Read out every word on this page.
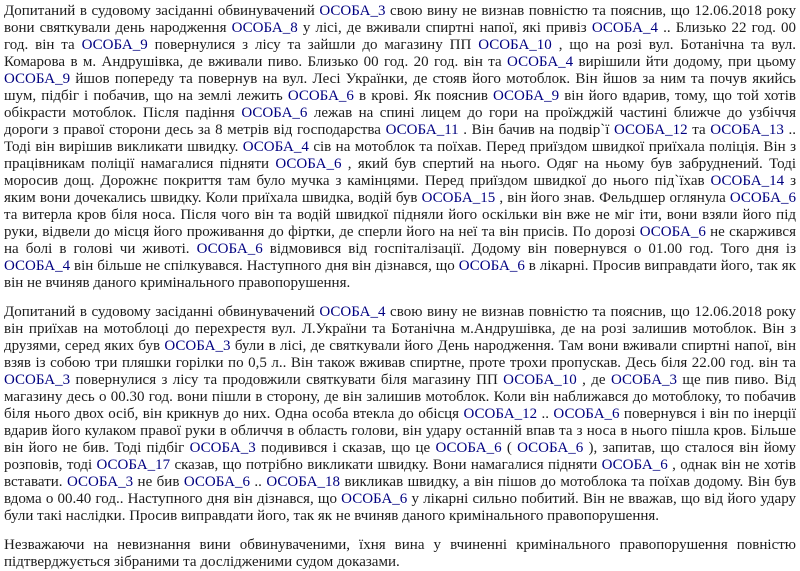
Допитаний в судовому засіданні обвинувачений ОСОБА_3 свою вину не визнав повністю та пояснив, що 12.06.2018 року вони святкували день народження ОСОБА_8 у лісі, де вживали спиртні напої, які привіз ОСОБА_4 .. Близько 22 год. 00 год. він та ОСОБА_9 повернулися з лісу та зайшли до магазину ПП ОСОБА_10 , що на розі вул. Ботанічна та вул. Комарова в м. Андрушівка, де вживали пиво. Близько 00 год. 20 год. він та ОСОБА_4 вирішили йти додому, при цьому ОСОБА_9 йшов попереду та повернув на вул. Лесі Українки, де стояв його мотоблок. Він йшов за ним та почув якийсь шум, підбіг і побачив, що на землі лежить ОСОБА_6 в крові. Як пояснив ОСОБА_9 він його вдарив, тому, що той хотів обікрасти мотоблок. Після падіння ОСОБА_6 лежав на спині лицем до гори на проїжджій частині ближче до узбіччя дороги з правої сторони десь за 8 метрів від господарства ОСОБА_11 . Він бачив на подвір`ї ОСОБА_12 та ОСОБА_13 .. Тоді він вирішив викликати швидку. ОСОБА_4 сів на мотоблок та поїхав. Перед приїздом швидкої приїхала поліція. Він з працівникам поліції намагалися підняти ОСОБА_6 , який був спертий на нього. Одяг на ньому був забруднений. Тоді моросив дощ. Дорожнє покриття там було мучка з камінцями. Перед приїздом швидкої до нього під`їхав ОСОБА_14 з яким вони дочекались швидку. Коли приїхала швидка, водій був ОСОБА_15 , він його знав. Фельдшер оглянула ОСОБА_6 та витерла кров біля носа. Після чого він та водій швидкої підняли його оскільки він вже не міг іти, вони взяли його під руки, відвели до місця його проживання до фіртки, де сперли його на неї та він присів. По дорозі ОСОБА_6 не скаржився на болі в голові чи животі. ОСОБА_6 відмовився від госпіталізації. Додому він повернувся о 01.00 год. Того дня із ОСОБА_4 він більше не спілкувався. Наступного дня він дізнався, що ОСОБА_6 в лікарні. Просив виправдати його, так як він не вчиняв даного кримінального правопорушення.

Допитаний в судовому засіданні обвинувачений ОСОБА_4 свою вину не визнав повністю та пояснив, що 12.06.2018 року він приїхав на мотоблоці до перехрестя вул. Л.України та Ботанічна м.Андрушівка, де на розі залишив мотоблок. Він з друзями, серед яких був ОСОБА_3 були в лісі, де святкували його День народження. Там вони вживали спиртні напої, він взяв із собою три пляшки горілки по 0,5 л.. Він також вживав спиртне, проте трохи пропускав. Десь біля 22.00 год. він та ОСОБА_3 повернулися з лісу та продовжили святкувати біля магазину ПП ОСОБА_10 , де ОСОБА_3 ще пив пиво. Від магазину десь о 00.30 год. вони пішли в сторону, де він залишив мотоблок. Коли він наближався до мотоблоку, то побачив біля нього двох осіб, він крикнув до них. Одна особа втекла до обісця ОСОБА_12 .. ОСОБА_6 повернувся і він по інерції вдарив його кулаком правої руки в обличчя в область голови, він удару останній впав та з носа в нього пішла кров. Більше він його не бив. Тоді підбіг ОСОБА_3 подивився і сказав, що це ОСОБА_6 ( ОСОБА_6 ), запитав, що сталося він йому розповів, тоді ОСОБА_17 сказав, що потрібно викликати швидку. Вони намагалися підняти ОСОБА_6 , однак він не хотів вставати. ОСОБА_3 не бив ОСОБА_6 .. ОСОБА_18 викликав швидку, а він пішов до мотоблока та поїхав додому. Він був вдома о 00.40 год.. Наступного дня він дізнався, що ОСОБА_6 у лікарні сильно побитий. Він не вважав, що від його удару були такі наслідки. Просив виправдати його, так як не вчиняв даного кримінального правопорушення.

Незважаючи на невизнання вини обвинуваченими, їхня вина у вчиненні кримінального правопорушення повністю підтверджується зібраними та дослідженими судом доказами.
